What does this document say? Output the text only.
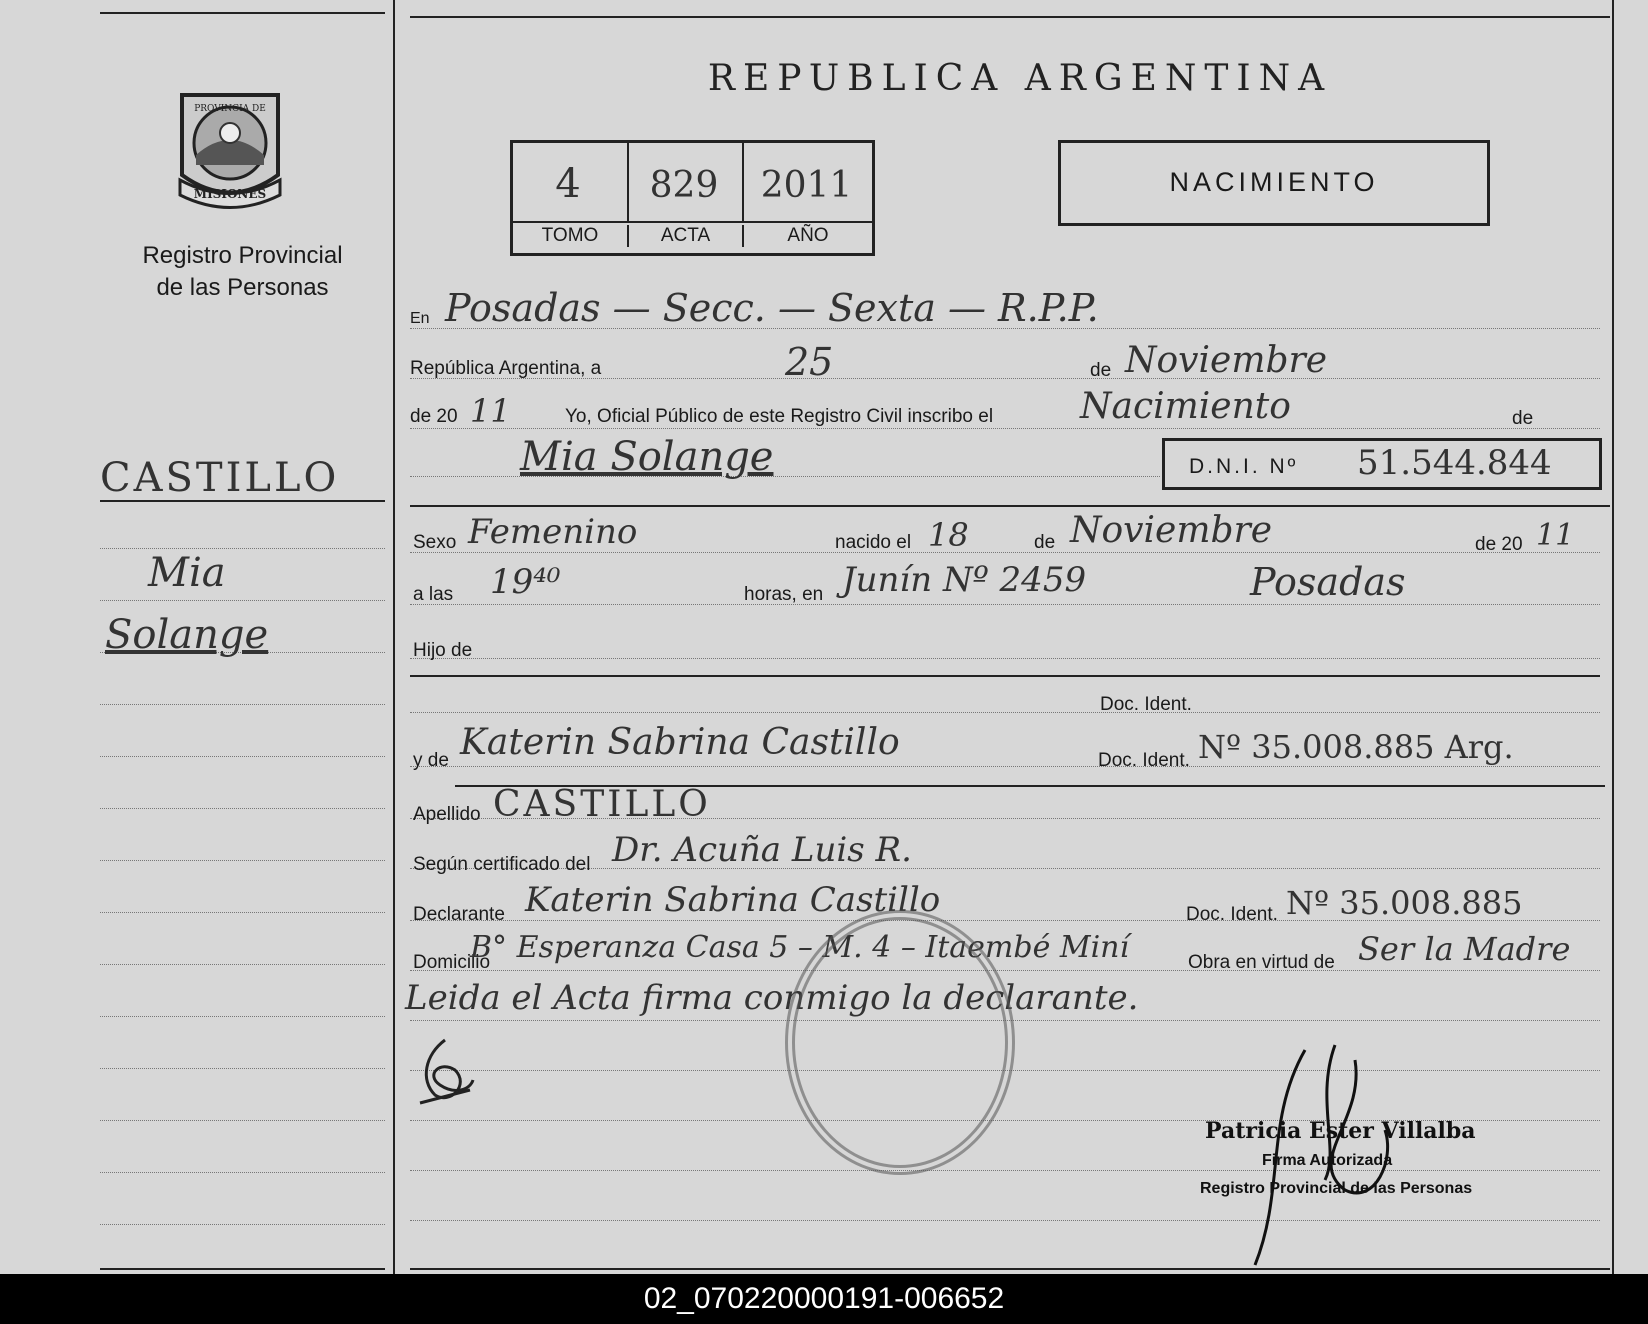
PROVINCIA DE
MISIONES
Registro Provincial
de las Personas
CASTILLO
Mia
Solange
REPUBLICA ARGENTINA
4	829	2011
TOMO	ACTA	AÑO
NACIMIENTO
En Posadas — Secc. — Sexta — R.P.P.
República Argentina, a	25	de Noviembre
de 20 11	Yo, Oficial Público de este Registro Civil inscribo el Nacimiento	de
Mia Solange	D.N.I. Nº 51.544.844
Sexo Femenino	nacido el 18	de Noviembre	de 20 11
a las 19⁴⁰	horas, en Junín Nº 2459	Posadas
Hijo de
Doc. Ident.
y de Katerin Sabrina Castillo	Doc. Ident. Nº 35.008.885 Arg.
Apellido CASTILLO
Según certificado del Dr. Acuña Luis R.
Declarante Katerin Sabrina Castillo	Doc. Ident. Nº 35.008.885
Domicilio
B° Esperanza Casa 5 – M. 4 – Itaembé Miní	Obra en virtud de Ser la Madre
Leida el Acta firma conmigo la declarante.
Patricia Ester Villalba
Firma Autorizada
Registro Provincial de las Personas
02_070220000191-006652
